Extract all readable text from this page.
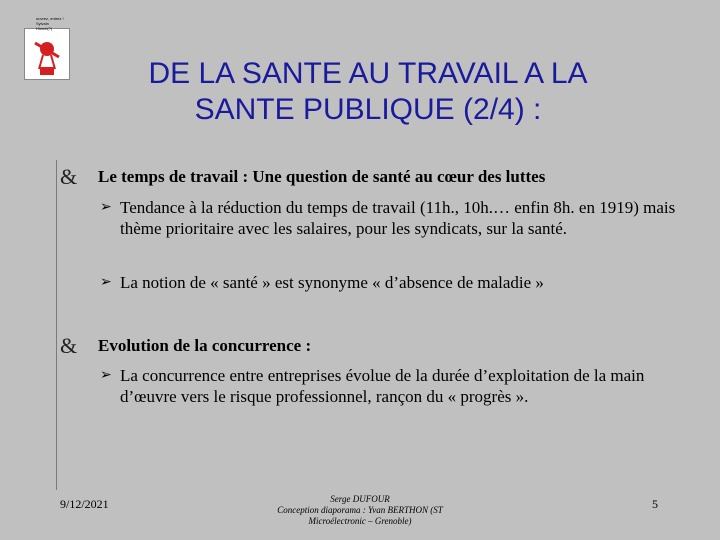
ouvrez, entrez !
Sylvain
Hinnel(?)
DE LA SANTE AU TRAVAIL A LA
SANTE PUBLIQUE (2/4) :
& Le temps de travail : Une question de santé au cœur des luttes
➢ Tendance à la réduction du temps de travail (11h., 10h.… enfin 8h. en 1919) mais thème prioritaire avec les salaires, pour les syndicats, sur la santé.
➢ La notion de « santé » est synonyme « d’absence de maladie »
& Evolution de la concurrence :
➢ La concurrence entre entreprises évolue de la durée d’exploitation de la main d’œuvre vers le risque professionnel, rançon du « progrès ».
9/12/2021	Serge DUFOUR
Conception diaporama : Yvan BERTHON (ST
Microélectronic – Grenoble)
5
